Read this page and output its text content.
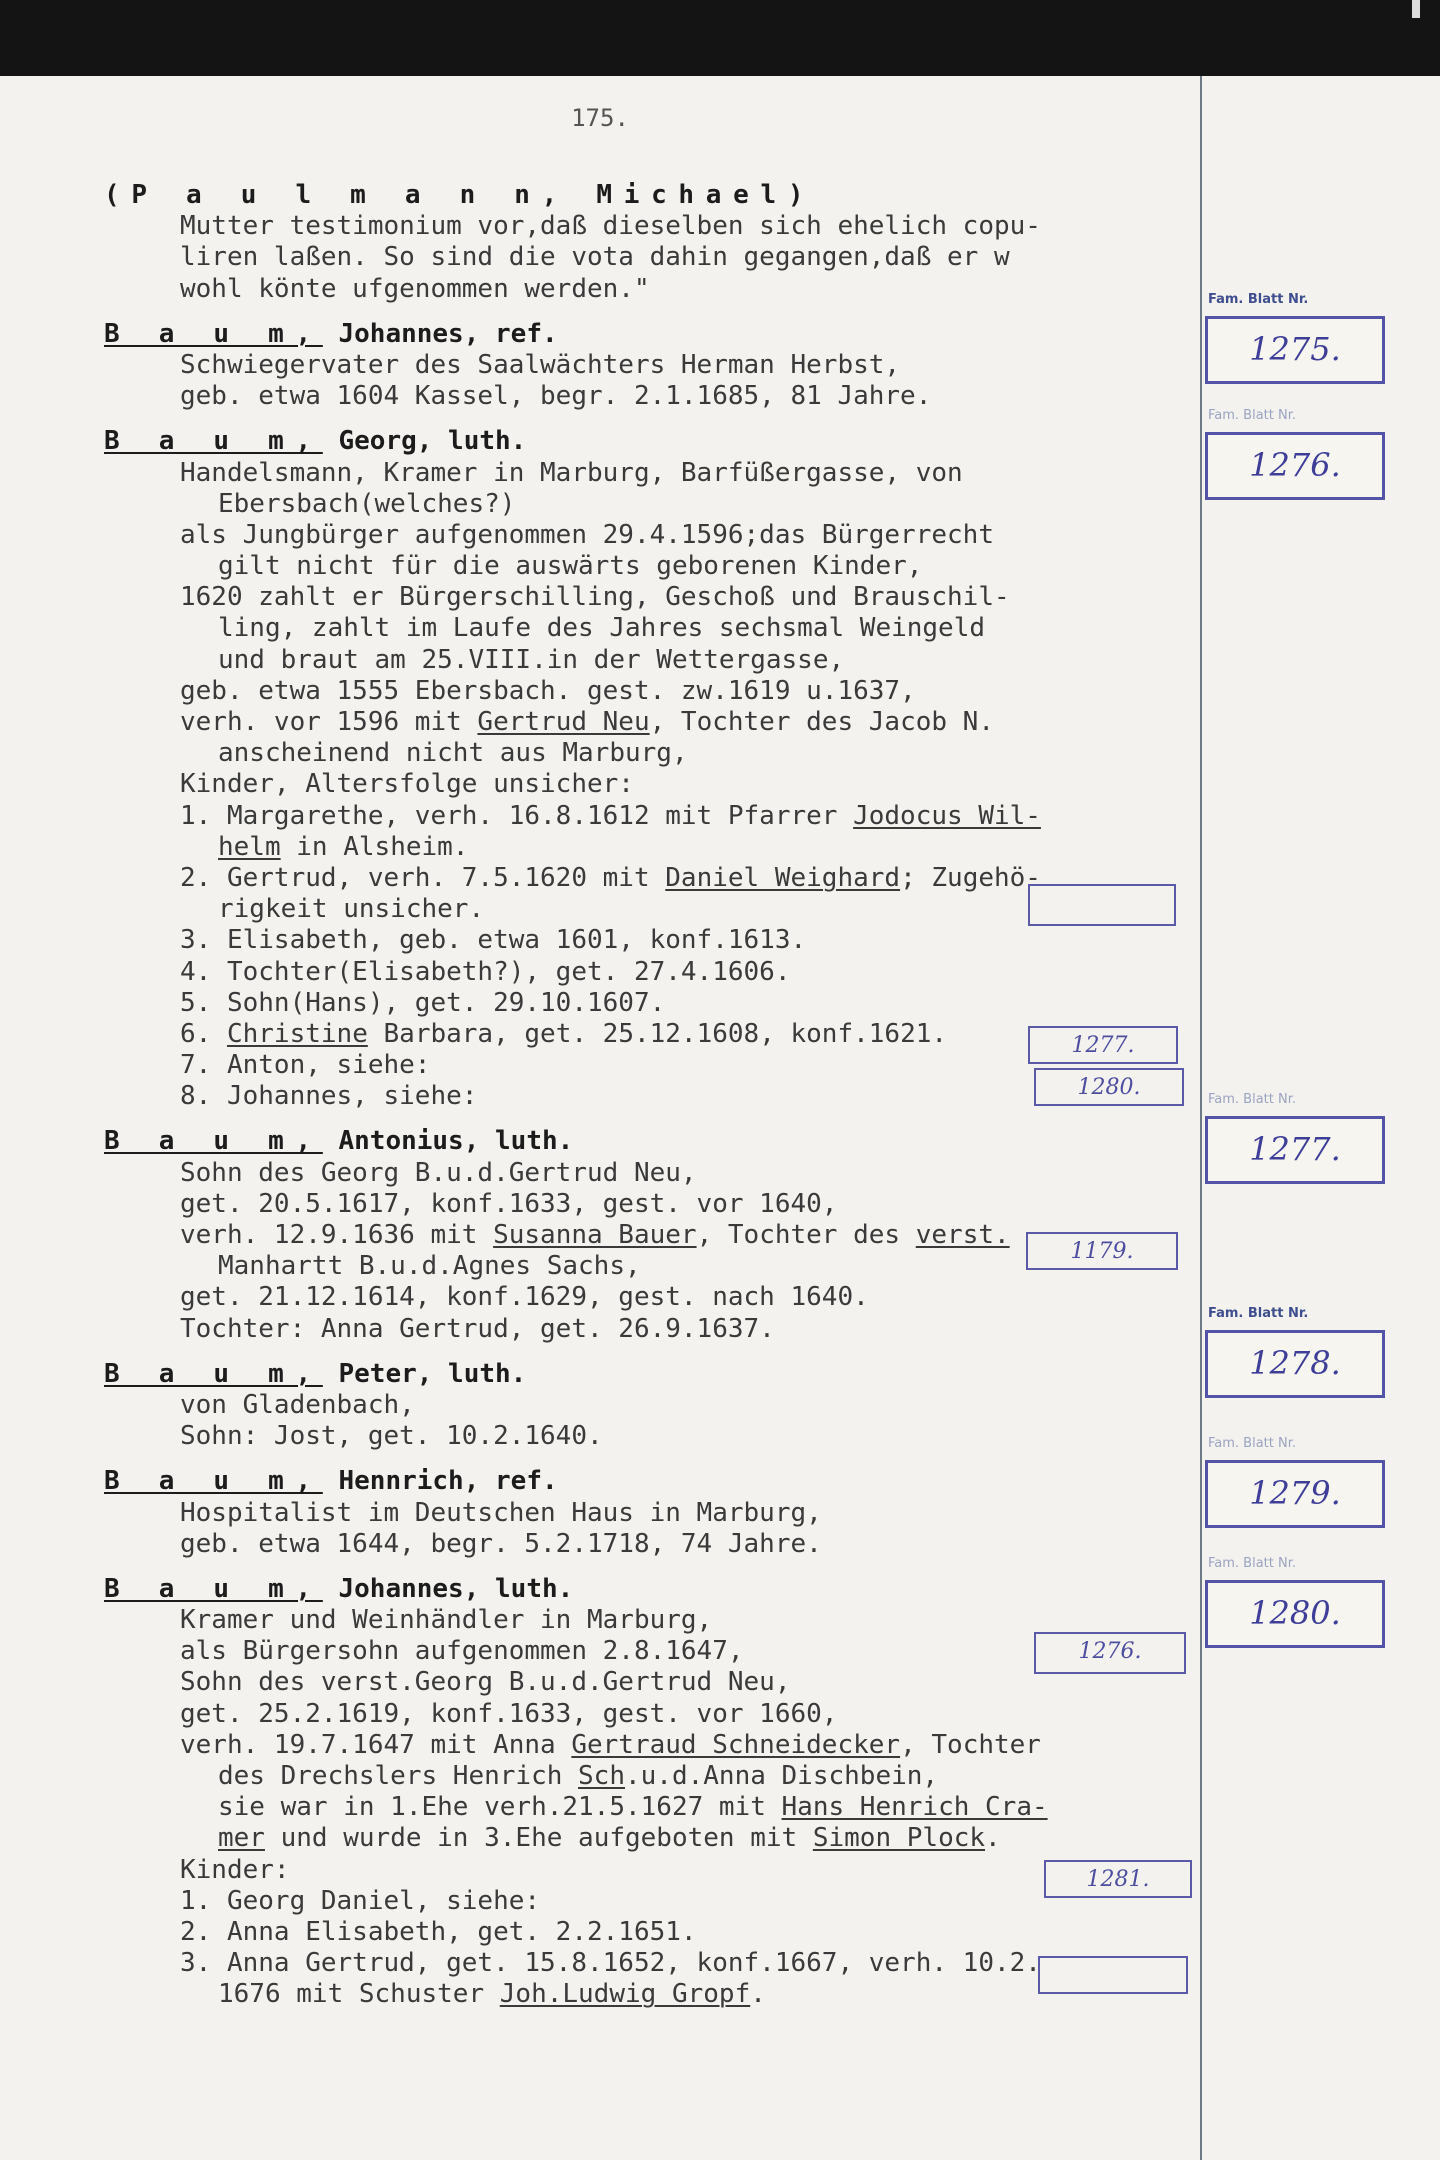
175.
(P a u l m a n n, Michael)
Mutter testimonium vor,daß dieselben sich ehelich copu-
liren laßen. So sind die vota dahin gegangen,daß er w
wohl könte ufgenommen werden."
B a u m, Johannes, ref.
Schwiegervater des Saalwächters Herman Herbst,
geb. etwa 1604 Kassel, begr. 2.1.1685, 81 Jahre.
B a u m, Georg, luth.
Handelsmann, Kramer in Marburg, Barfüßergasse, von
Ebersbach(welches?)
als Jungbürger aufgenommen 29.4.1596;das Bürgerrecht
gilt nicht für die auswärts geborenen Kinder,
1620 zahlt er Bürgerschilling, Geschoß und Brauschil-
ling, zahlt im Laufe des Jahres sechsmal Weingeld
und braut am 25.VIII.in der Wettergasse,
geb. etwa 1555 Ebersbach. gest. zw.1619 u.1637,
verh. vor 1596 mit Gertrud Neu, Tochter des Jacob N.
anscheinend nicht aus Marburg,
Kinder, Altersfolge unsicher:
1. Margarethe, verh. 16.8.1612 mit Pfarrer Jodocus Wil-
helm in Alsheim.
2. Gertrud, verh. 7.5.1620 mit Daniel Weighard; Zugehö-
rigkeit unsicher.
3. Elisabeth, geb. etwa 1601, konf.1613.
4. Tochter(Elisabeth?), get. 27.4.1606.
5. Sohn(Hans), get. 29.10.1607.
6. Christine Barbara, get. 25.12.1608, konf.1621.
7. Anton, siehe:
8. Johannes, siehe:
B a u m, Antonius, luth.
Sohn des Georg B.u.d.Gertrud Neu,
get. 20.5.1617, konf.1633, gest. vor 1640,
verh. 12.9.1636 mit Susanna Bauer, Tochter des verst.
Manhartt B.u.d.Agnes Sachs,
get. 21.12.1614, konf.1629, gest. nach 1640.
Tochter: Anna Gertrud, get. 26.9.1637.
B a u m, Peter, luth.
von Gladenbach,
Sohn: Jost, get. 10.2.1640.
B a u m, Hennrich, ref.
Hospitalist im Deutschen Haus in Marburg,
geb. etwa 1644, begr. 5.2.1718, 74 Jahre.
B a u m, Johannes, luth.
Kramer und Weinhändler in Marburg,
als Bürgersohn aufgenommen 2.8.1647,
Sohn des verst.Georg B.u.d.Gertrud Neu,
get. 25.2.1619, konf.1633, gest. vor 1660,
verh. 19.7.1647 mit Anna Gertraud Schneidecker, Tochter
des Drechslers Henrich Sch.u.d.Anna Dischbein,
sie war in 1.Ehe verh.21.5.1627 mit Hans Henrich Cra-
mer und wurde in 3.Ehe aufgeboten mit Simon Plock.
Kinder:
1. Georg Daniel, siehe:
2. Anna Elisabeth, get. 2.2.1651.
3. Anna Gertrud, get. 15.8.1652, konf.1667, verh. 10.2.
1676 mit Schuster Joh.Ludwig Gropf.
1277.
1280.
1179.
1276.
1281.
Fam. Blatt Nr.
1275.
Fam. Blatt Nr.
1276.
Fam. Blatt Nr.
1277.
Fam. Blatt Nr.
1278.
Fam. Blatt Nr.
1279.
Fam. Blatt Nr.
1280.
